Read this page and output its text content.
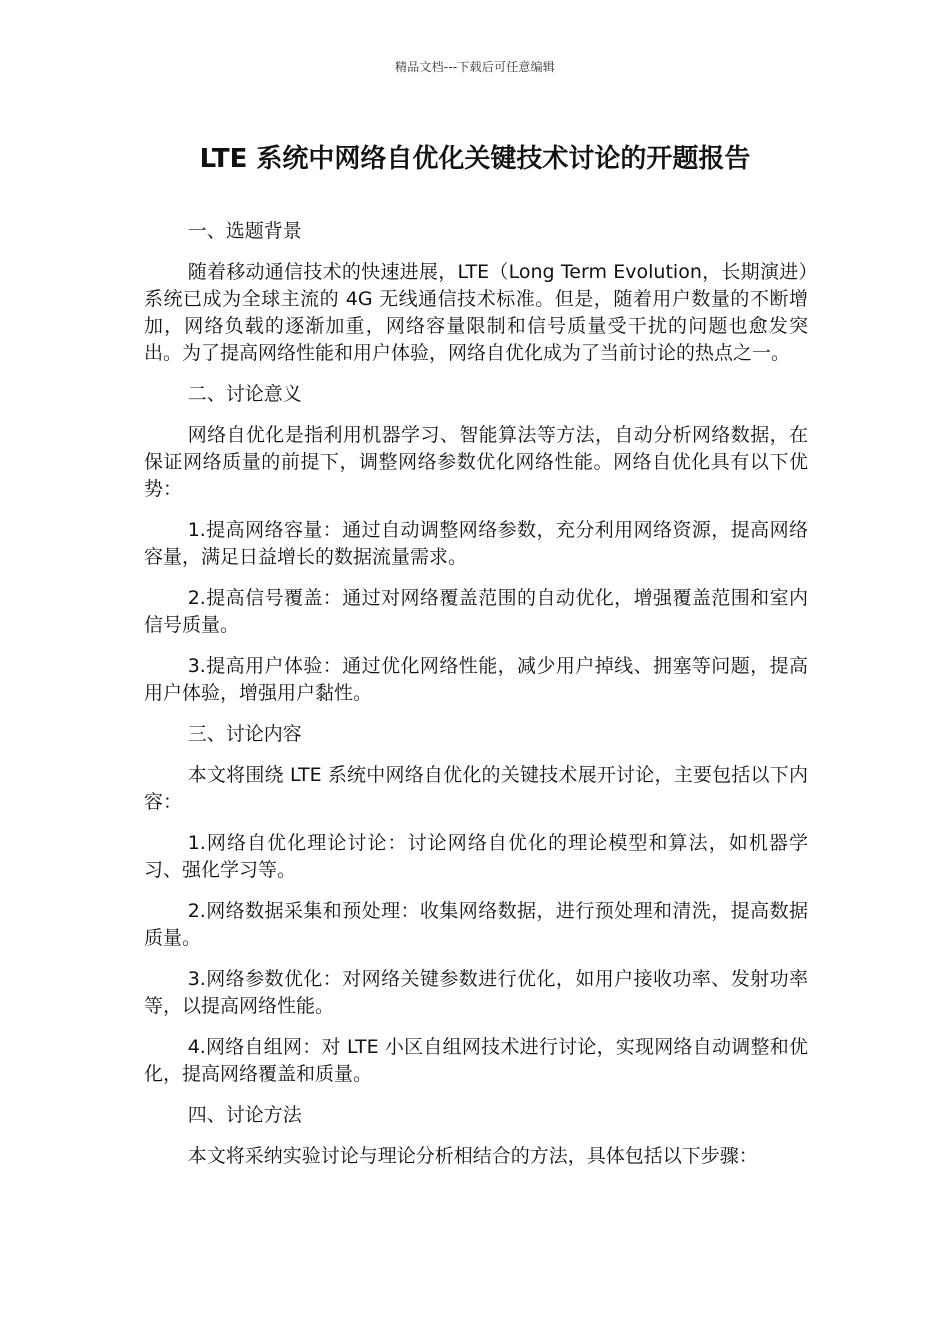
精品文档---下载后可任意编辑
LTE 系统中网络自优化关键技术讨论的开题报告

一、选题背景

随着移动通信技术的快速进展，LTE（Long Term Evolution，长期演进）系统已成为全球主流的 4G 无线通信技术标准。但是，随着用户数量的不断增加，网络负载的逐渐加重，网络容量限制和信号质量受干扰的问题也愈发突出。为了提高网络性能和用户体验，网络自优化成为了当前讨论的热点之一。

二、讨论意义

网络自优化是指利用机器学习、智能算法等方法，自动分析网络数据，在保证网络质量的前提下，调整网络参数优化网络性能。网络自优化具有以下优势：

1.提高网络容量：通过自动调整网络参数，充分利用网络资源，提高网络容量，满足日益增长的数据流量需求。

2.提高信号覆盖：通过对网络覆盖范围的自动优化，增强覆盖范围和室内信号质量。

3.提高用户体验：通过优化网络性能，减少用户掉线、拥塞等问题，提高用户体验，增强用户黏性。

三、讨论内容

本文将围绕 LTE 系统中网络自优化的关键技术展开讨论，主要包括以下内容：

1.网络自优化理论讨论：讨论网络自优化的理论模型和算法，如机器学习、强化学习等。

2.网络数据采集和预处理：收集网络数据，进行预处理和清洗，提高数据质量。

3.网络参数优化：对网络关键参数进行优化，如用户接收功率、发射功率等，以提高网络性能。

4.网络自组网：对 LTE 小区自组网技术进行讨论，实现网络自动调整和优化，提高网络覆盖和质量。

四、讨论方法

本文将采纳实验讨论与理论分析相结合的方法，具体包括以下步骤：
